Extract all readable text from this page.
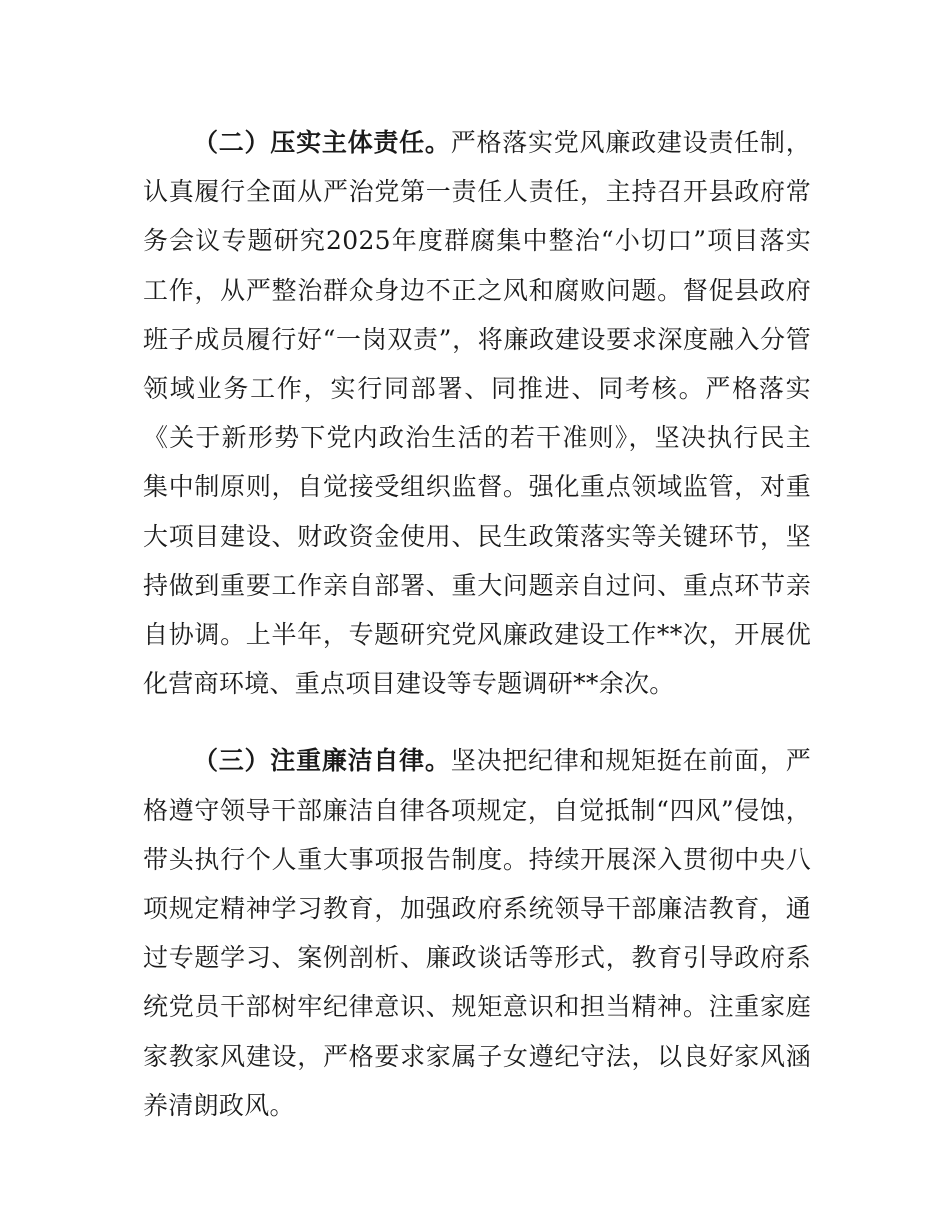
（二）压实主体责任。严格落实党风廉政建设责任制，认真履行全面从严治党第一责任人责任，主持召开县政府常务会议专题研究2025年度群腐集中整治“小切口”项目落实工作，从严整治群众身边不正之风和腐败问题。督促县政府班子成员履行好“一岗双责”，将廉政建设要求深度融入分管领域业务工作，实行同部署、同推进、同考核。严格落实《关于新形势下党内政治生活的若干准则》，坚决执行民主集中制原则，自觉接受组织监督。强化重点领域监管，对重大项目建设、财政资金使用、民生政策落实等关键环节，坚持做到重要工作亲自部署、重大问题亲自过问、重点环节亲自协调。上半年，专题研究党风廉政建设工作**次，开展优化营商环境、重点项目建设等专题调研**余次。

（三）注重廉洁自律。坚决把纪律和规矩挺在前面，严格遵守领导干部廉洁自律各项规定，自觉抵制“四风”侵蚀，带头执行个人重大事项报告制度。持续开展深入贯彻中央八项规定精神学习教育，加强政府系统领导干部廉洁教育，通过专题学习、案例剖析、廉政谈话等形式，教育引导政府系统党员干部树牢纪律意识、规矩意识和担当精神。注重家庭家教家风建设，严格要求家属子女遵纪守法，以良好家风涵养清朗政风。
